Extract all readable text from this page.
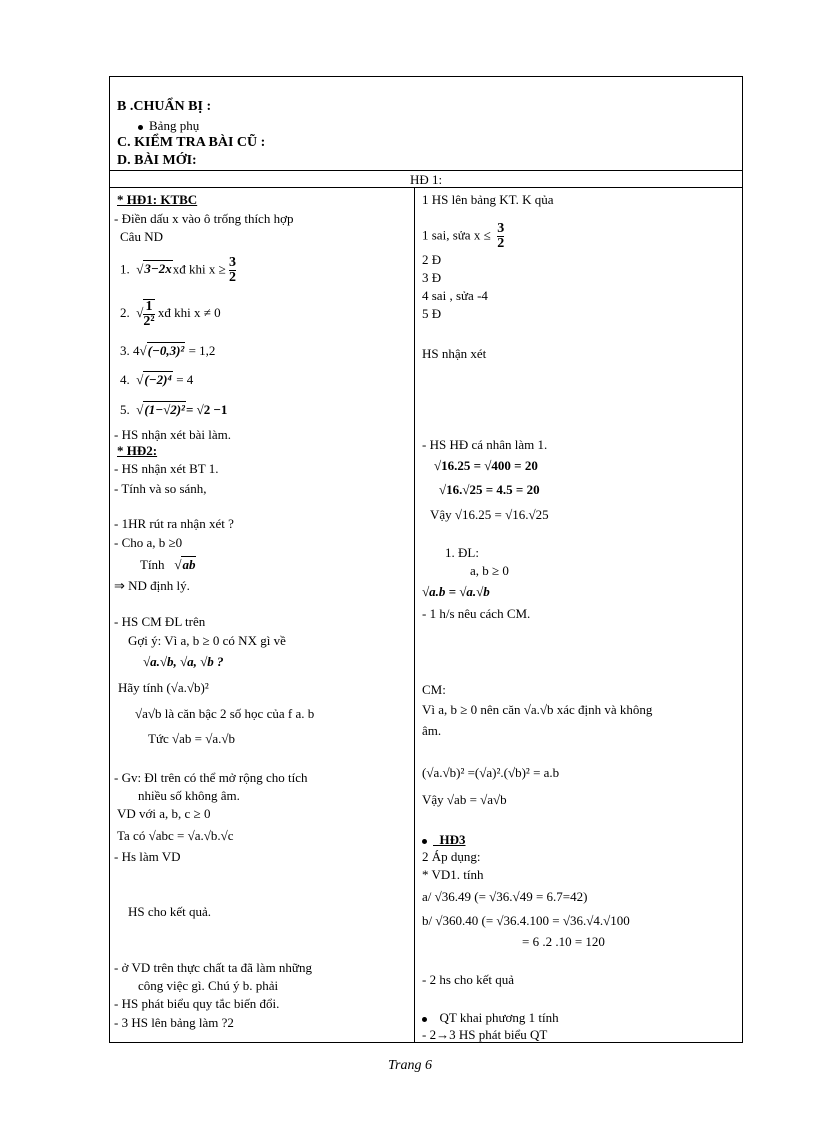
B .CHUẨN BỊ :
Bảng phụ
C. KIỂM TRA BÀI CŨ :
D. BÀI MỚI:
HĐ 1:
* HĐ1: KTBC
- Điền dấu x vào ô trống thích hợp
Câu ND
1.  √3−2xxđ khi $x \ge \frac{3}{2}$
2.  √ $\frac{1}{\text{2²}}$ xđ khi x ≠ 0
3. 4√(−0,3)² = 1,2
4.  √(−2)⁴ = 4
5.  √(1−√2)²= √2 −1
- HS nhận xét bài làm.
* HĐ2:
- HS nhận xét BT 1.
- Tính và so sánh,
- 1HR rút ra nhận xét ?
- Cho a, b ≥0
Tính   √ab
⇒ ND định lý.
- HS CM ĐL trên
Gợi ý: Vì a, b ≥ 0 có NX gì về
√a.√b, √a, √b ?
Hãy tính (√a.√b)²
√a√b là căn bậc 2 số học của f a. b
Tức √ab = √a.√b
- Gv: Đl trên có thể mở rộng cho tích
nhiều số không âm.
VD với a, b, c ≥ 0
Ta có √abc = √a.√b.√c
- Hs làm VD
HS cho kết quả.
- ở VD trên thực chất ta đã làm những
công việc gì. Chú ý b. phải
- HS phát biểu quy tắc biến đổi.
- 3 HS lên bảng làm ?2
1 HS lên bảng KT. K qủa
1 sai, sửa $x \le \frac{3}{2}$
2 Đ
3 Đ
4 sai , sửa -4
5 Đ
HS nhận xét
- HS HĐ cá nhân làm 1.
√16.25 = √400 = 20
√16.√25 = 4.5 = 20
Vậy √16.25 = √16.√25
1. ĐL:
a, b ≥ 0
√a.b = √a.√b
- 1 h/s nêu cách CM.
CM:
Vì a, b ≥ 0 nên căn √a.√b xác định và không
âm.
(√a.√b)² =(√a)².(√b)² = a.b
Vậy √ab = √a√b
HĐ3
2 Áp dụng:
* VD1. tính
a/ √36.49 (= √36.√49 = 6.7=42)
b/ √360.40 (= √36.4.100 = √36.√4.√100
= 6 .2 .10 = 120
- 2 hs cho kết quả
QT khai phương 1 tính
- 2→3 HS phát biểu QT
Trang 6
